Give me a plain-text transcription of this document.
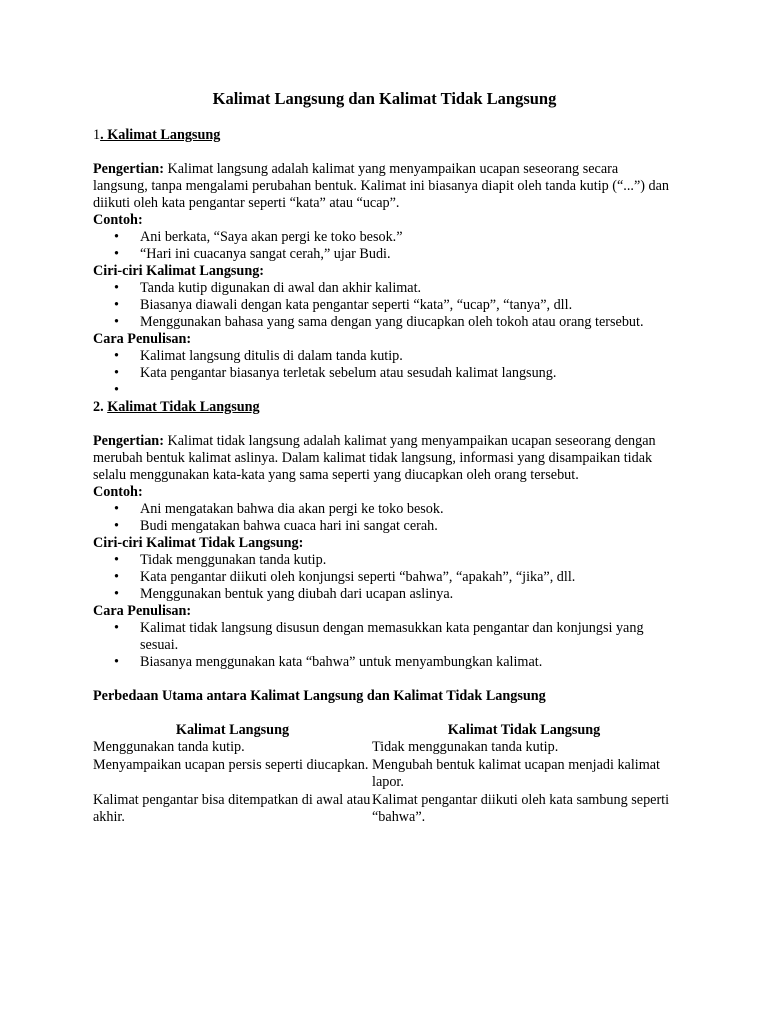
Kalimat Langsung dan Kalimat Tidak Langsung
1. Kalimat Langsung

Pengertian: Kalimat langsung adalah kalimat yang menyampaikan ucapan seseorang secara langsung, tanpa mengalami perubahan bentuk. Kalimat ini biasanya diapit oleh tanda kutip (“...”) dan diikuti oleh kata pengantar seperti “kata” atau “ucap”.

Contoh:
• Ani berkata, “Saya akan pergi ke toko besok.”
• “Hari ini cuacanya sangat cerah,” ujar Budi.
Ciri-ciri Kalimat Langsung:
• Tanda kutip digunakan di awal dan akhir kalimat.
• Biasanya diawali dengan kata pengantar seperti “kata”, “ucap”, “tanya”, dll.
• Menggunakan bahasa yang sama dengan yang diucapkan oleh tokoh atau orang tersebut.
Cara Penulisan:
• Kalimat langsung ditulis di dalam tanda kutip.
• Kata pengantar biasanya terletak sebelum atau sesudah kalimat langsung.
•
2. Kalimat Tidak Langsung

Pengertian: Kalimat tidak langsung adalah kalimat yang menyampaikan ucapan seseorang dengan merubah bentuk kalimat aslinya. Dalam kalimat tidak langsung, informasi yang disampaikan tidak selalu menggunakan kata-kata yang sama seperti yang diucapkan oleh orang tersebut.

Contoh:
• Ani mengatakan bahwa dia akan pergi ke toko besok.
• Budi mengatakan bahwa cuaca hari ini sangat cerah.
Ciri-ciri Kalimat Tidak Langsung:
• Tidak menggunakan tanda kutip.
• Kata pengantar diikuti oleh konjungsi seperti “bahwa”, “apakah”, “jika”, dll.
• Menggunakan bentuk yang diubah dari ucapan aslinya.
Cara Penulisan:
• Kalimat tidak langsung disusun dengan memasukkan kata pengantar dan konjungsi yang sesuai.
• Biasanya menggunakan kata “bahwa” untuk menyambungkan kalimat.
Perbedaan Utama antara Kalimat Langsung dan Kalimat Tidak Langsung
Kalimat Langsung	Kalimat Tidak Langsung
Menggunakan tanda kutip.	Tidak menggunakan tanda kutip.
Menyampaikan ucapan persis seperti diucapkan.	Mengubah bentuk kalimat ucapan menjadi kalimat lapor.
Kalimat pengantar bisa ditempatkan di awal atau akhir.	Kalimat pengantar diikuti oleh kata sambung seperti “bahwa”.
